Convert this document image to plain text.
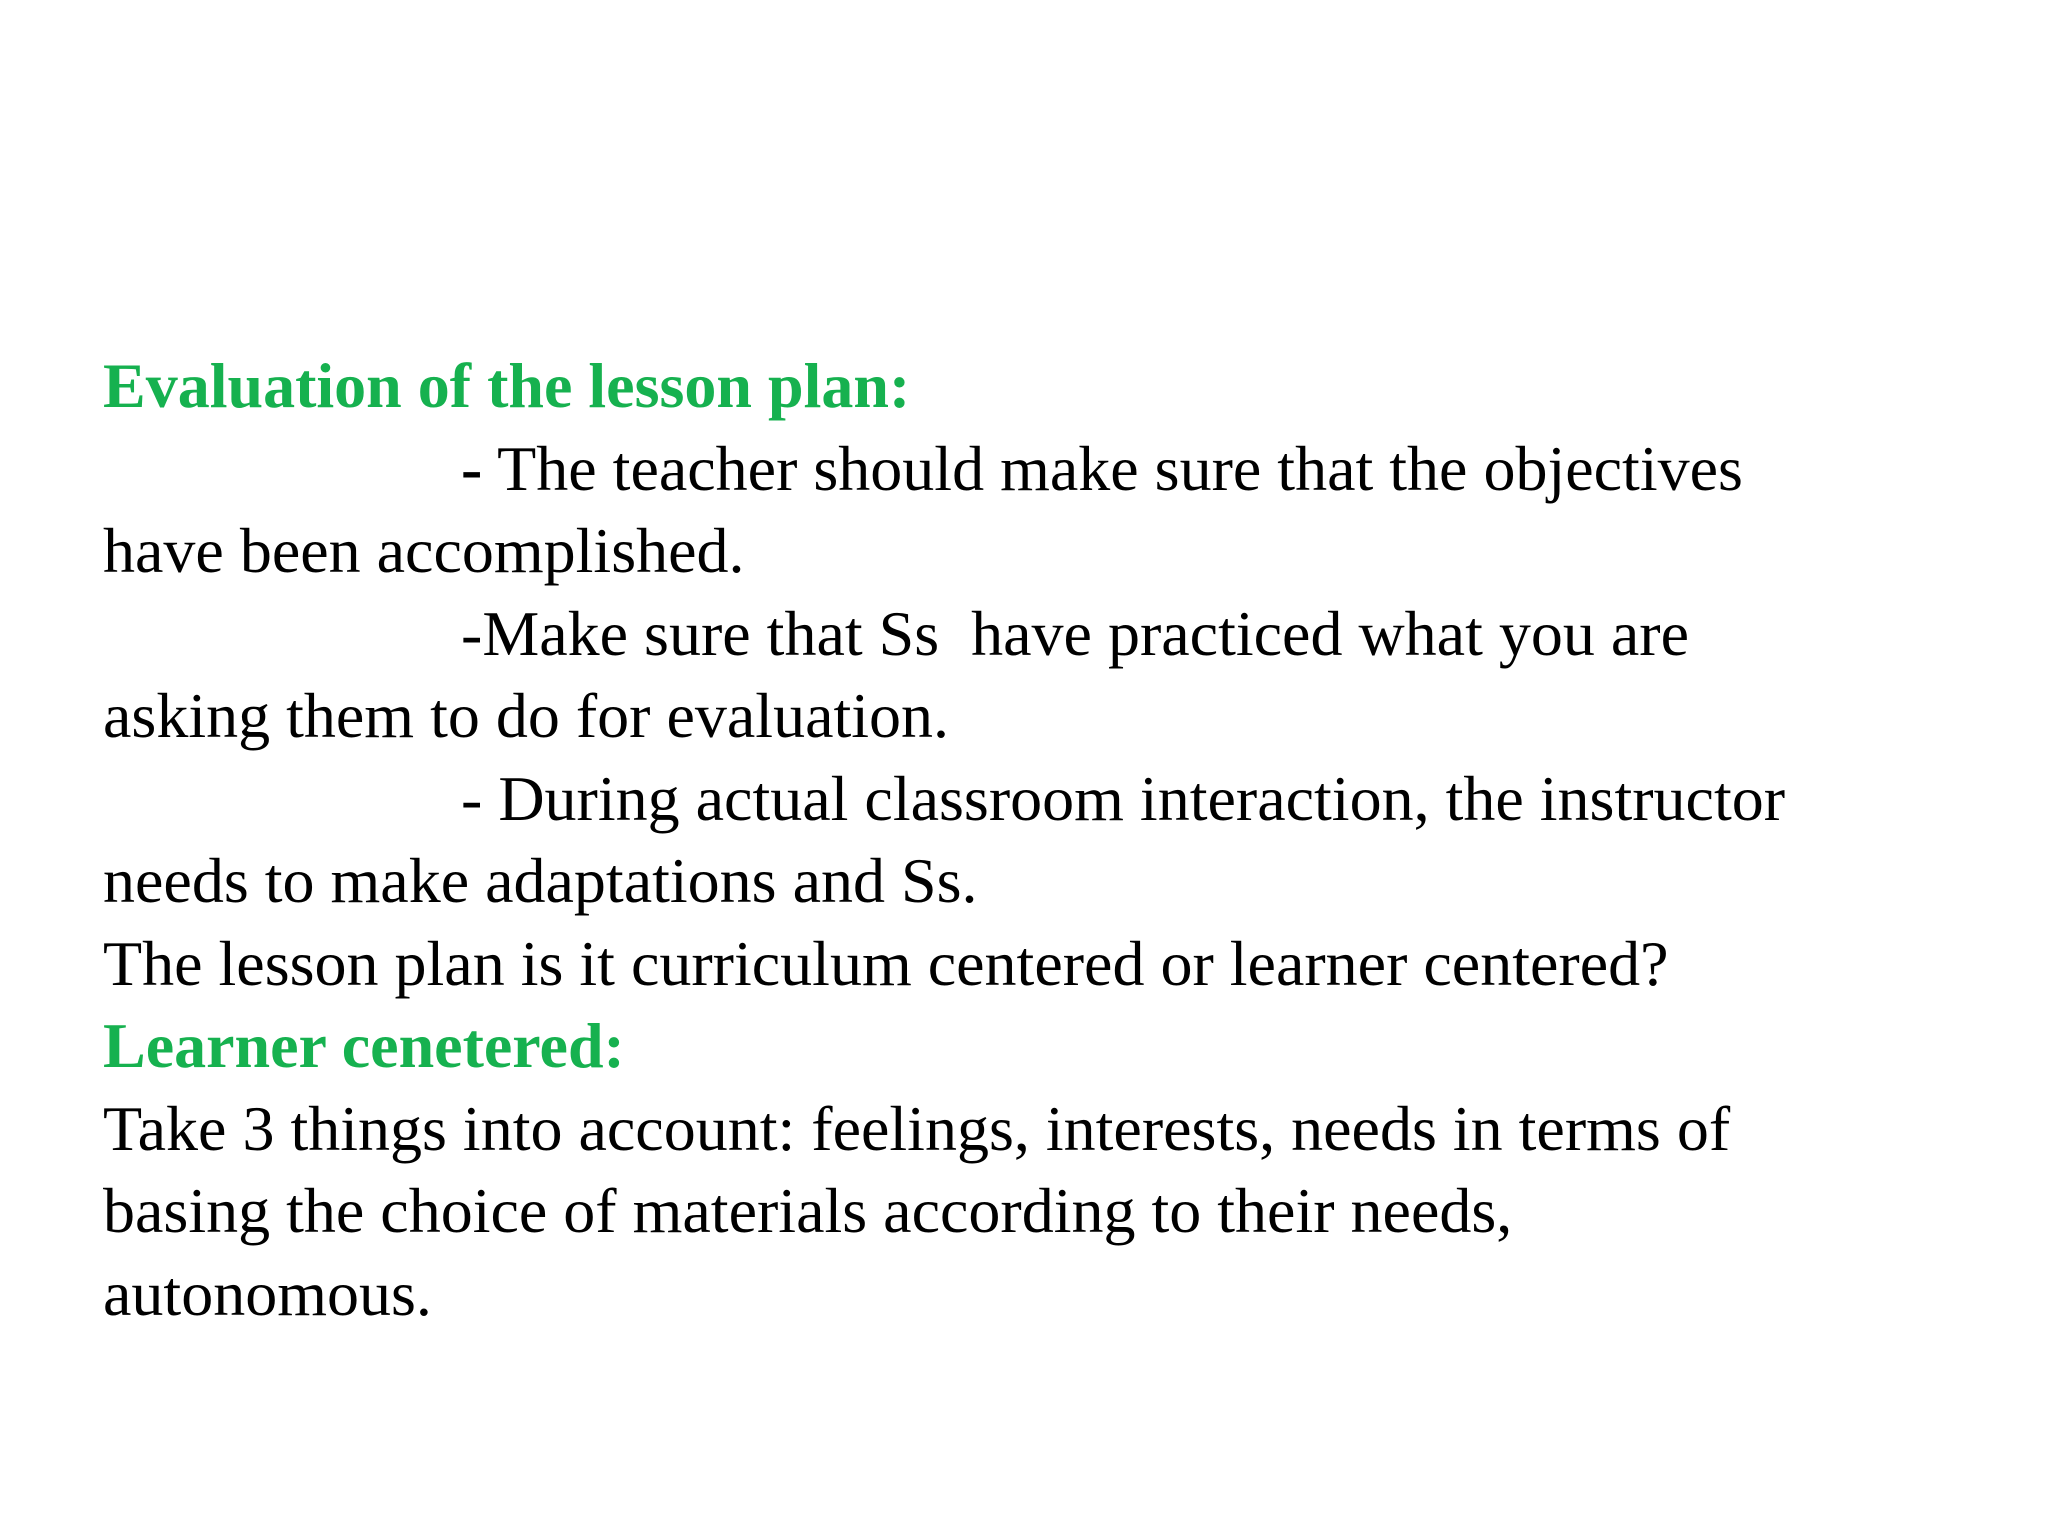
Evaluation of the lesson plan:
- The teacher should make sure that the objectives
have been accomplished.
-Make sure that Ss  have practiced what you are
asking them to do for evaluation.
- During actual classroom interaction, the instructor
needs to make adaptations and Ss.
The lesson plan is it curriculum centered or learner centered?
Learner cenetered:
Take 3 things into account: feelings, interests, needs in terms of
basing the choice of materials according to their needs,
autonomous.
